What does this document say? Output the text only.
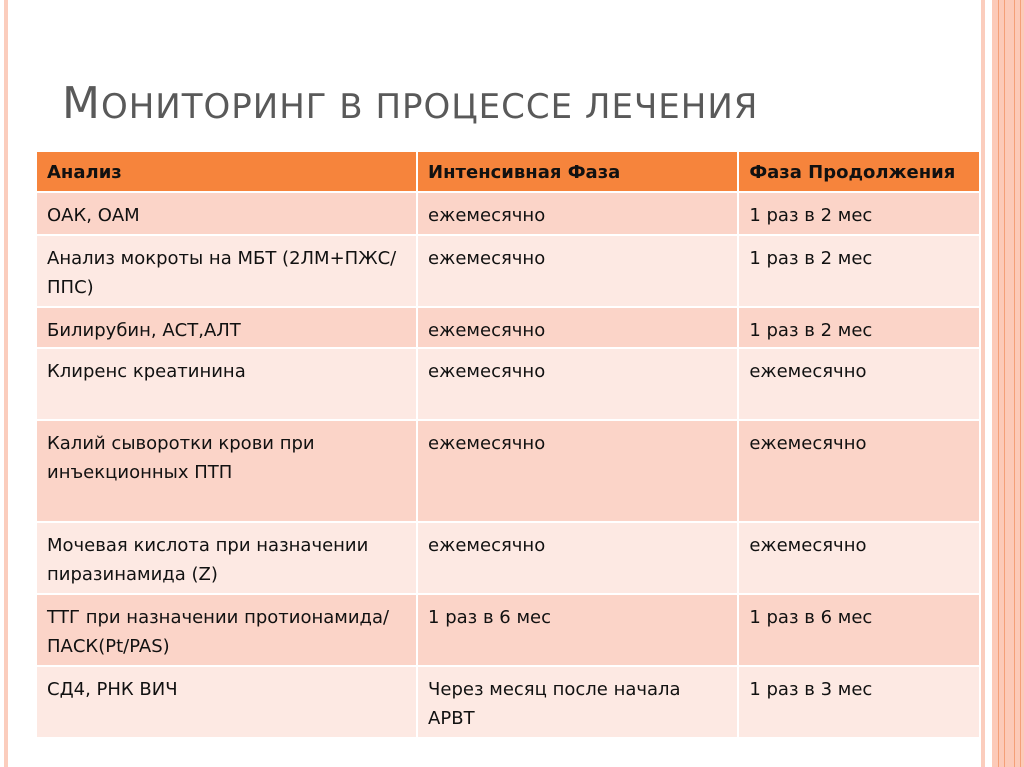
МОНИТОРИНГ В ПРОЦЕССЕ ЛЕЧЕНИЯ
Анализ	Интенсивная Фаза	Фаза Продолжения
ОАК, ОАМ	ежемесячно	1 раз в 2 мес
Анализ мокроты на МБТ (2ЛМ+ПЖС/ППС)	ежемесячно	1 раз в 2 мес
Билирубин, АСТ,АЛТ	ежемесячно	1 раз в 2 мес
Клиренс креатинина	ежемесячно	ежемесячно
Калий сыворотки крови при инъекционных ПТП	ежемесячно	ежемесячно
Мочевая кислота при назначении пиразинамида (Z)	ежемесячно	ежемесячно
ТТГ при назначении протионамида/ПАСК(Pt/PAS)	1 раз в 6 мес	1 раз в 6 мес
СД4, РНК ВИЧ	Через месяц после начала АРВТ	1 раз в 3 мес
